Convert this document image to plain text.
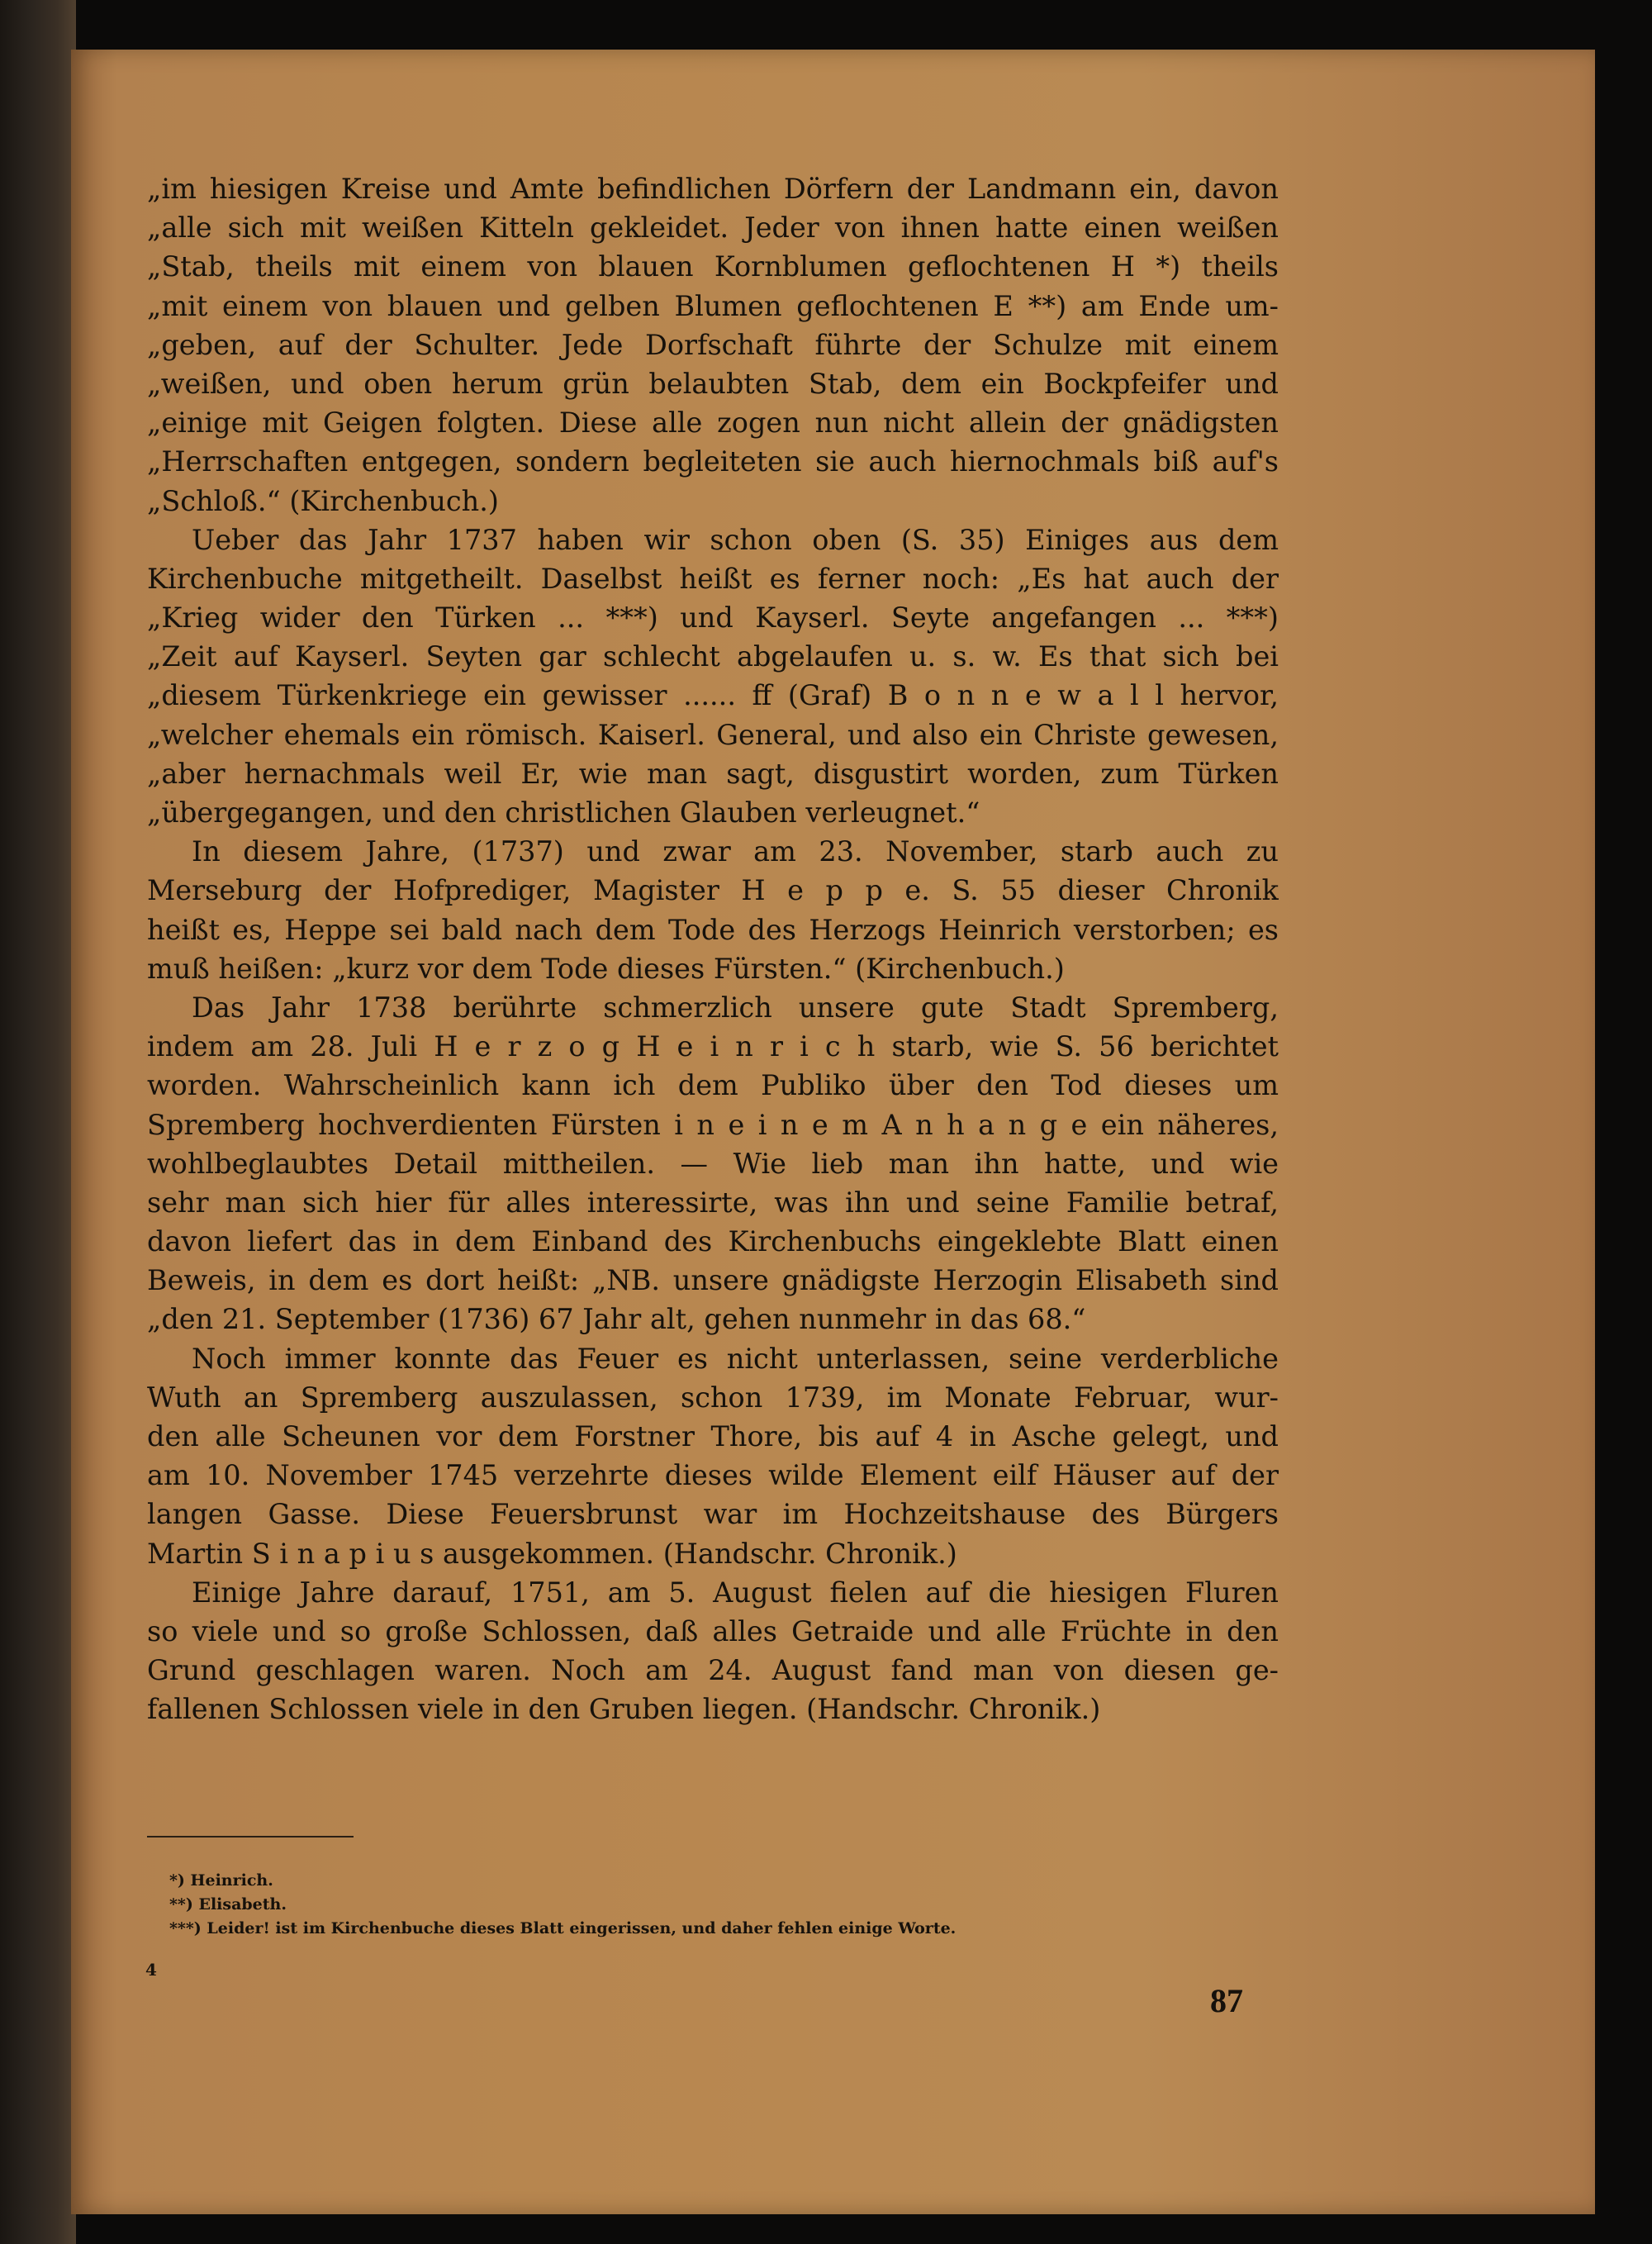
„im hiesigen Kreise und Amte befindlichen Dörfern der Landmann ein, davon
„alle sich mit weißen Kitteln gekleidet. Jeder von ihnen hatte einen weißen
„Stab, theils mit einem von blauen Kornblumen geflochtenen H *) theils
„mit einem von blauen und gelben Blumen geflochtenen E **) am Ende um-
„geben, auf der Schulter. Jede Dorfschaft führte der Schulze mit einem
„weißen, und oben herum grün belaubten Stab, dem ein Bockpfeifer und
„einige mit Geigen folgten. Diese alle zogen nun nicht allein der gnädigsten
„Herrschaften entgegen, sondern begleiteten sie auch hiernochmals biß auf's
„Schloß.“ (Kirchenbuch.)
Ueber das Jahr 1737 haben wir schon oben (S. 35) Einiges aus dem
Kirchenbuche mitgetheilt. Daselbst heißt es ferner noch: „Es hat auch der
„Krieg wider den Türken ... ***) und Kayserl. Seyte angefangen ... ***)
„Zeit auf Kayserl. Seyten gar schlecht abgelaufen u. s. w. Es that sich bei
„diesem Türkenkriege ein gewisser ...... ff (Graf) B o n n e w a l l hervor,
„welcher ehemals ein römisch. Kaiserl. General, und also ein Christe gewesen,
„aber hernachmals weil Er, wie man sagt, disgustirt worden, zum Türken
„übergegangen, und den christlichen Glauben verleugnet.“
In diesem Jahre, (1737) und zwar am 23. November, starb auch zu
Merseburg der Hofprediger, Magister H e p p e. S. 55 dieser Chronik
heißt es, Heppe sei bald nach dem Tode des Herzogs Heinrich verstorben; es
muß heißen: „kurz vor dem Tode dieses Fürsten.“ (Kirchenbuch.)
Das Jahr 1738 berührte schmerzlich unsere gute Stadt Spremberg,
indem am 28. Juli H e r z o g H e i n r i c h starb, wie S. 56 berichtet
worden. Wahrscheinlich kann ich dem Publiko über den Tod dieses um
Spremberg hochverdienten Fürsten i n e i n e m A n h a n g e ein näheres,
wohlbeglaubtes Detail mittheilen. — Wie lieb man ihn hatte, und wie
sehr man sich hier für alles interessirte, was ihn und seine Familie betraf,
davon liefert das in dem Einband des Kirchenbuchs eingeklebte Blatt einen
Beweis, in dem es dort heißt: „NB. unsere gnädigste Herzogin Elisabeth sind
„den 21. September (1736) 67 Jahr alt, gehen nunmehr in das 68.“
Noch immer konnte das Feuer es nicht unterlassen, seine verderbliche
Wuth an Spremberg auszulassen, schon 1739, im Monate Februar, wur-
den alle Scheunen vor dem Forstner Thore, bis auf 4 in Asche gelegt, und
am 10. November 1745 verzehrte dieses wilde Element eilf Häuser auf der
langen Gasse. Diese Feuersbrunst war im Hochzeitshause des Bürgers
Martin S i n a p i u s ausgekommen. (Handschr. Chronik.)
Einige Jahre darauf, 1751, am 5. August fielen auf die hiesigen Fluren
so viele und so große Schlossen, daß alles Getraide und alle Früchte in den
Grund geschlagen waren. Noch am 24. August fand man von diesen ge-
fallenen Schlossen viele in den Gruben liegen. (Handschr. Chronik.)
*) Heinrich.
**) Elisabeth.
***) Leider! ist im Kirchenbuche dieses Blatt eingerissen, und daher fehlen einige Worte.
4
87
